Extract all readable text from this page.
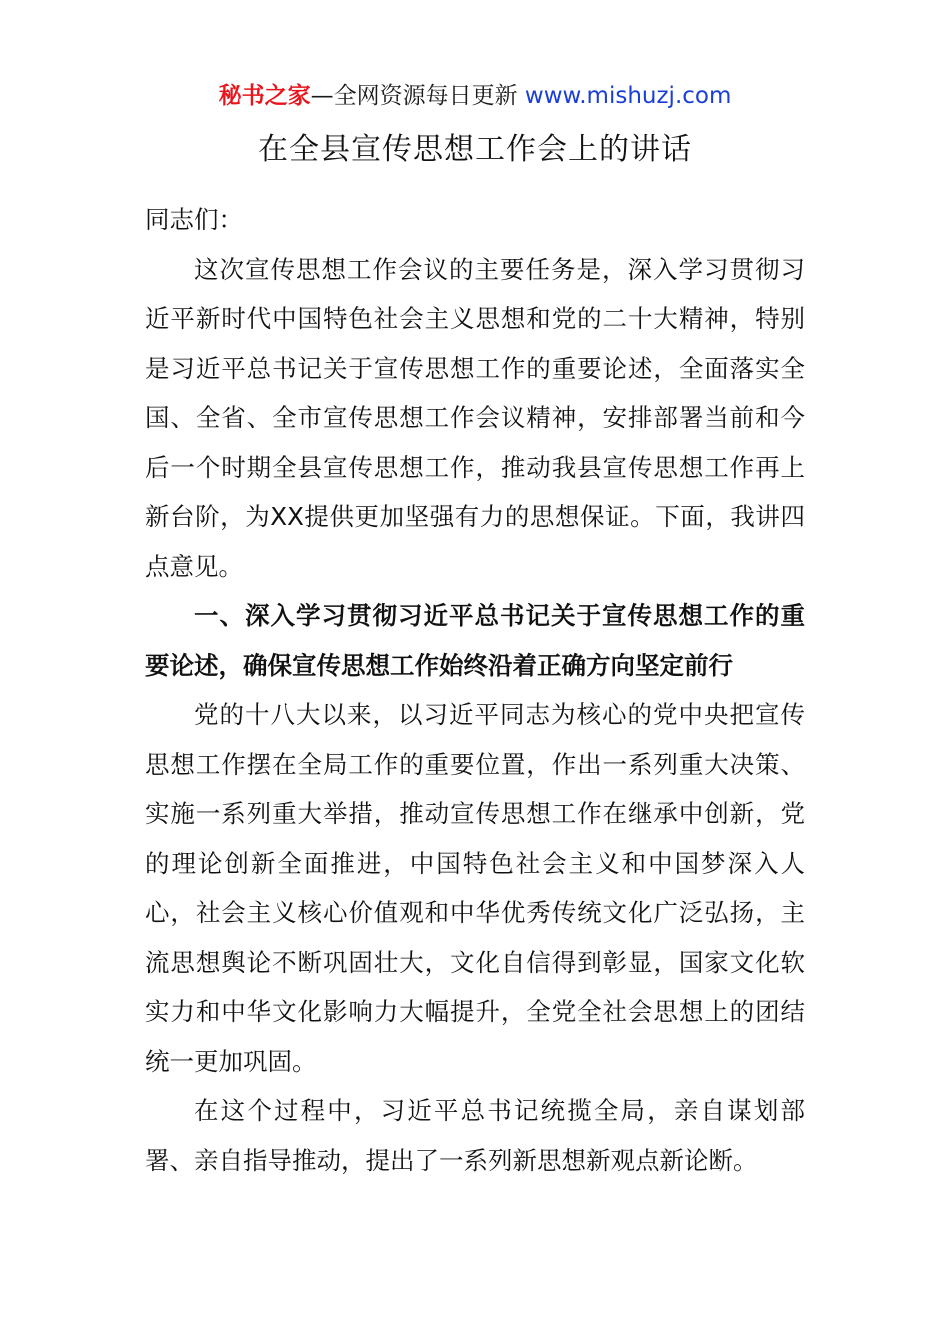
秘书之家—全网资源每日更新 www.mishuzj.com
在全县宣传思想工作会上的讲话

同志们：

这次宣传思想工作会议的主要任务是，深入学习贯彻习近平新时代中国特色社会主义思想和党的二十大精神，特别是习近平总书记关于宣传思想工作的重要论述，全面落实全国、全省、全市宣传思想工作会议精神，安排部署当前和今后一个时期全县宣传思想工作，推动我县宣传思想工作再上新台阶，为XX提供更加坚强有力的思想保证。下面，我讲四点意见。

一、深入学习贯彻习近平总书记关于宣传思想工作的重要论述，确保宣传思想工作始终沿着正确方向坚定前行

党的十八大以来，以习近平同志为核心的党中央把宣传思想工作摆在全局工作的重要位置，作出一系列重大决策、实施一系列重大举措，推动宣传思想工作在继承中创新，党的理论创新全面推进，中国特色社会主义和中国梦深入人心，社会主义核心价值观和中华优秀传统文化广泛弘扬，主流思想舆论不断巩固壮大，文化自信得到彰显，国家文化软实力和中华文化影响力大幅提升，全党全社会思想上的团结统一更加巩固。

在这个过程中，习近平总书记统揽全局，亲自谋划部署、亲自指导推动，提出了一系列新思想新观点新论断。
